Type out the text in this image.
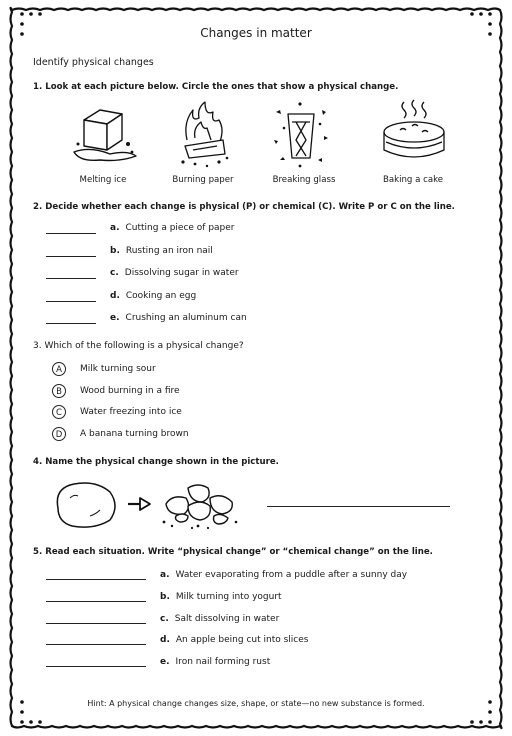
Changes in matter
Identify physical changes
1. Look at each picture below. Circle the ones that show a physical change.
Melting ice	Burning paper	Breaking glass	Baking a cake
2. Decide whether each change is physical (P) or chemical (C). Write P or C on the line.
a. Cutting a piece of paper
b. Rusting an iron nail
c. Dissolving sugar in water
d. Cooking an egg
e. Crushing an aluminum can
3. Which of the following is a physical change?
A	Milk turning sour
B	Wood burning in a fire
C	Water freezing into ice
D	A banana turning brown
4. Name the physical change shown in the picture.
5. Read each situation. Write “physical change” or “chemical change” on the line.
a. Water evaporating from a puddle after a sunny day
b. Milk turning into yogurt
c. Salt dissolving in water
d. An apple being cut into slices
e. Iron nail forming rust
Hint: A physical change changes size, shape, or state—no new substance is formed.
